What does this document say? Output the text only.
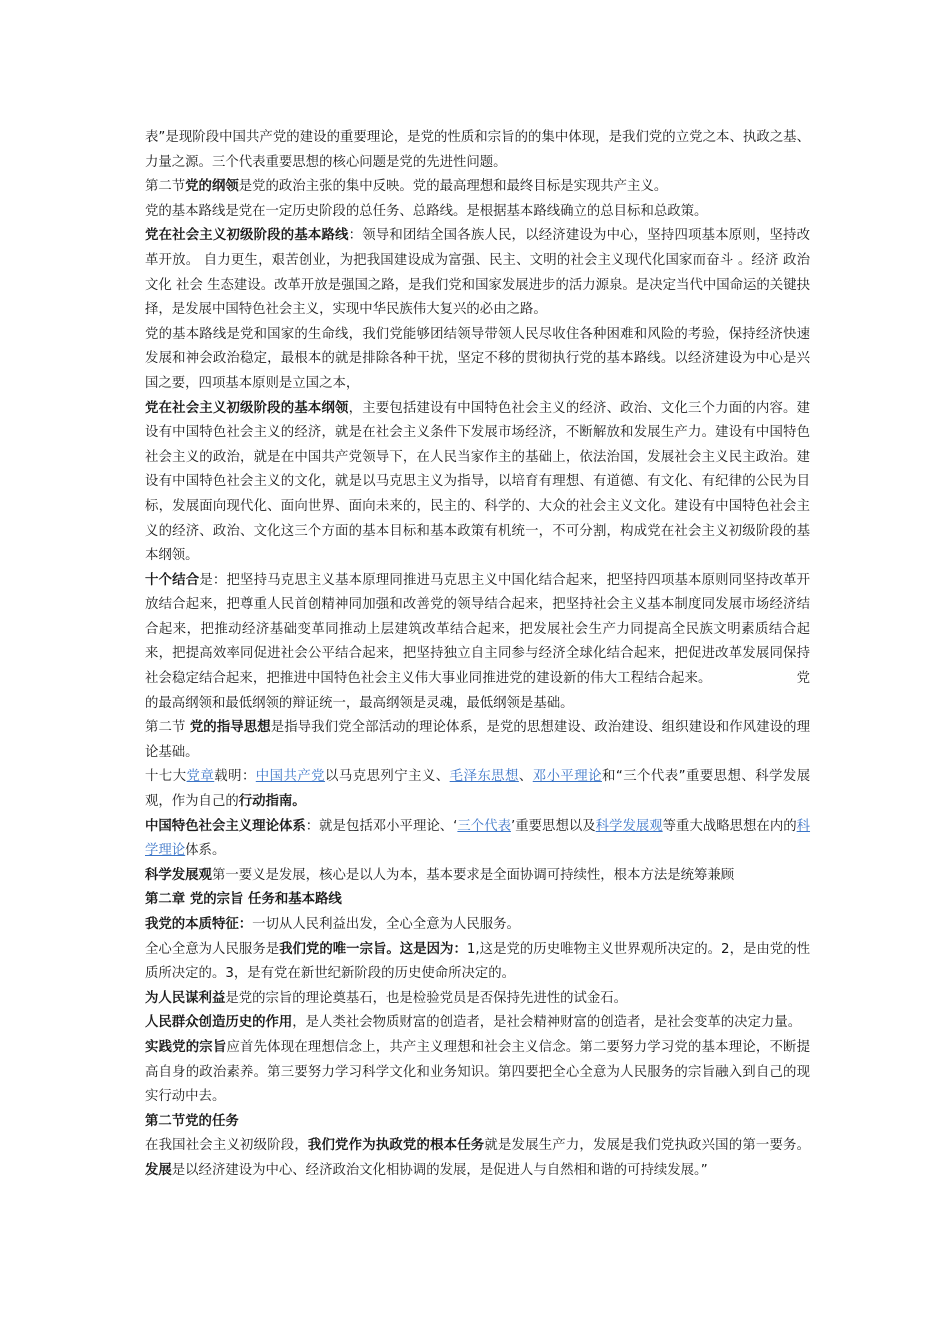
表”是现阶段中国共产党的建设的重要理论，是党的性质和宗旨的的集中体现，是我们党的立党之本、执政之基、力量之源。三个代表重要思想的核心问题是党的先进性问题。

第二节党的纲领是党的政治主张的集中反映。党的最高理想和最终目标是实现共产主义。

党的基本路线是党在一定历史阶段的总任务、总路线。是根据基本路线确立的总目标和总政策。

党在社会主义初级阶段的基本路线：领导和团结全国各族人民，以经济建设为中心，坚持四项基本原则，坚持改革开放。 自力更生，艰苦创业，为把我国建设成为富强、民主、文明的社会主义现代化国家而奋斗 。经济 政治 文化 社会 生态建设。改革开放是强国之路，是我们党和国家发展进步的活力源泉。是决定当代中国命运的关键抉择，是发展中国特色社会主义，实现中华民族伟大复兴的必由之路。

党的基本路线是党和国家的生命线，我们党能够团结领导带领人民尽收住各种困难和风险的考验，保持经济快速发展和神会政治稳定，最根本的就是排除各种干扰，坚定不移的贯彻执行党的基本路线。以经济建设为中心是兴国之要，四项基本原则是立国之本，

党在社会主义初级阶段的基本纲领，主要包括建设有中国特色社会主义的经济、政治、文化三个力面的内容。建设有中国特色社会主义的经济，就是在社会主义条件下发展市场经济，不断解放和发展生产力。建设有中国特色社会主义的政治，就是在中国共产党领导下，在人民当家作主的基础上，依法治国，发展社会主义民主政治。建设有中国特色社会主义的文化，就是以马克思主义为指导，以培育有理想、有道德、有文化、有纪律的公民为目标，发展面向现代化、面向世界、面向未来的，民主的、科学的、大众的社会主义文化。建设有中国特色社会主义的经济、政治、文化这三个方面的基本目标和基本政策有机统一，不可分割，构成党在社会主义初级阶段的基本纲领。

十个结合是：把坚持马克思主义基本原理同推进马克思主义中国化结合起来，把坚持四项基本原则同坚持改革开放结合起来，把尊重人民首创精神同加强和改善党的领导结合起来，把坚持社会主义基本制度同发展市场经济结合起来，把推动经济基础变革同推动上层建筑改革结合起来，把发展社会生产力同提高全民族文明素质结合起来，把提高效率同促进社会公平结合起来，把坚持独立自主同参与经济全球化结合起来，把促进改革发展同保持社会稳定结合起来，把推进中国特色社会主义伟大事业同推进党的建设新的伟大工程结合起来。	党的最高纲领和最低纲领的辩证统一，最高纲领是灵魂，最低纲领是基础。

第二节 党的指导思想是指导我们党全部活动的理论体系，是党的思想建设、政治建设、组织建设和作风建设的理论基础。

十七大党章载明：中国共产党以马克思列宁主义、毛泽东思想、邓小平理论和“三个代表”重要思想、科学发展观，作为自己的行动指南。

中国特色社会主义理论体系：就是包括邓小平理论、‘三个代表’重要思想以及科学发展观等重大战略思想在内的科学理论体系。

科学发展观第一要义是发展，核心是以人为本，基本要求是全面协调可持续性，根本方法是统筹兼顾

第二章 党的宗旨 任务和基本路线

我党的本质特征：一切从人民利益出发，全心全意为人民服务。

全心全意为人民服务是我们党的唯一宗旨。这是因为：1,这是党的历史唯物主义世界观所决定的。2，是由党的性质所决定的。3，是有党在新世纪新阶段的历史使命所决定的。

为人民谋利益是党的宗旨的理论奠基石，也是检验党员是否保持先进性的试金石。

人民群众创造历史的作用，是人类社会物质财富的创造者，是社会精神财富的创造者，是社会变革的决定力量。

实践党的宗旨应首先体现在理想信念上，共产主义理想和社会主义信念。第二要努力学习党的基本理论，不断提高自身的政治素养。第三要努力学习科学文化和业务知识。第四要把全心全意为人民服务的宗旨融入到自己的现实行动中去。

第二节党的任务

在我国社会主义初级阶段，我们党作为执政党的根本任务就是发展生产力，发展是我们党执政兴国的第一要务。发展是以经济建设为中心、经济政治文化相协调的发展，是促进人与自然相和谐的可持续发展。”
